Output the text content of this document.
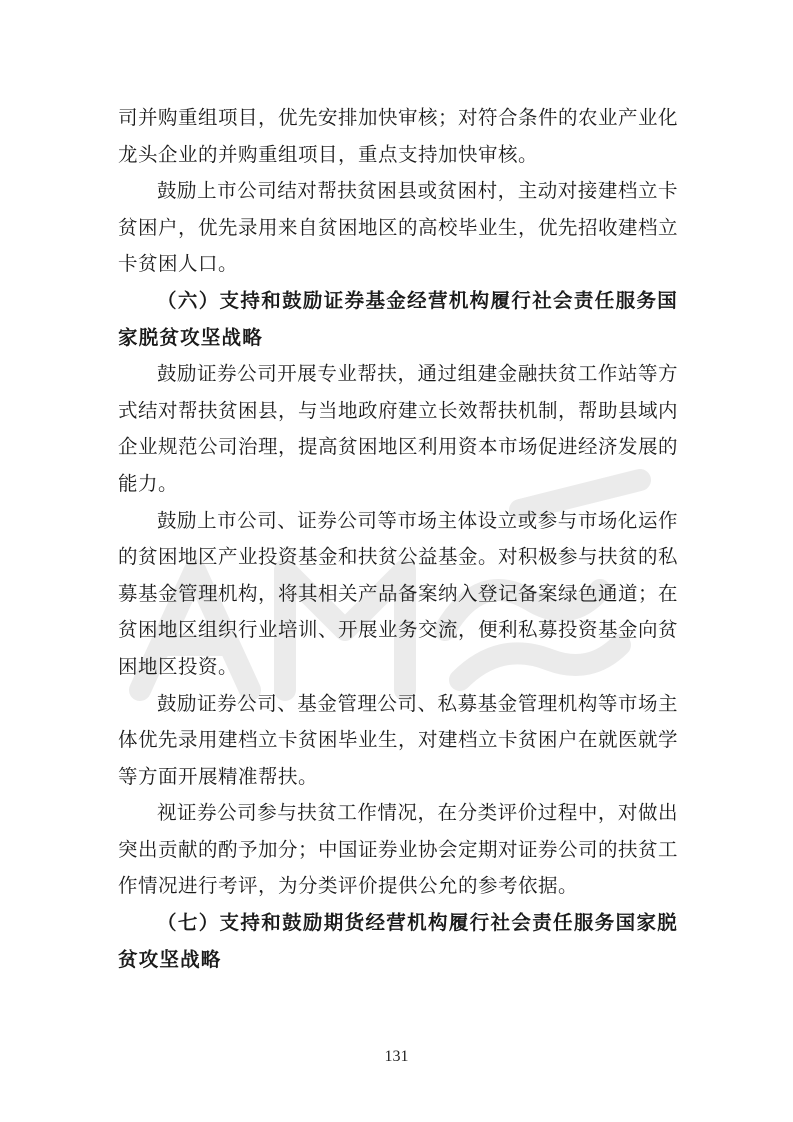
司并购重组项目，优先安排加快审核；对符合条件的农业产业化龙头企业的并购重组项目，重点支持加快审核。

鼓励上市公司结对帮扶贫困县或贫困村，主动对接建档立卡贫困户，优先录用来自贫困地区的高校毕业生，优先招收建档立卡贫困人口。

（六）支持和鼓励证券基金经营机构履行社会责任服务国家脱贫攻坚战略

鼓励证券公司开展专业帮扶，通过组建金融扶贫工作站等方式结对帮扶贫困县，与当地政府建立长效帮扶机制，帮助县域内企业规范公司治理，提高贫困地区利用资本市场促进经济发展的能力。

鼓励上市公司、证券公司等市场主体设立或参与市场化运作的贫困地区产业投资基金和扶贫公益基金。对积极参与扶贫的私募基金管理机构，将其相关产品备案纳入登记备案绿色通道；在贫困地区组织行业培训、开展业务交流，便利私募投资基金向贫困地区投资。

鼓励证券公司、基金管理公司、私募基金管理机构等市场主体优先录用建档立卡贫困毕业生，对建档立卡贫困户在就医就学等方面开展精准帮扶。

视证券公司参与扶贫工作情况，在分类评价过程中，对做出突出贡献的酌予加分；中国证券业协会定期对证券公司的扶贫工作情况进行考评，为分类评价提供公允的参考依据。

（七）支持和鼓励期货经营机构履行社会责任服务国家脱贫攻坚战略

131
